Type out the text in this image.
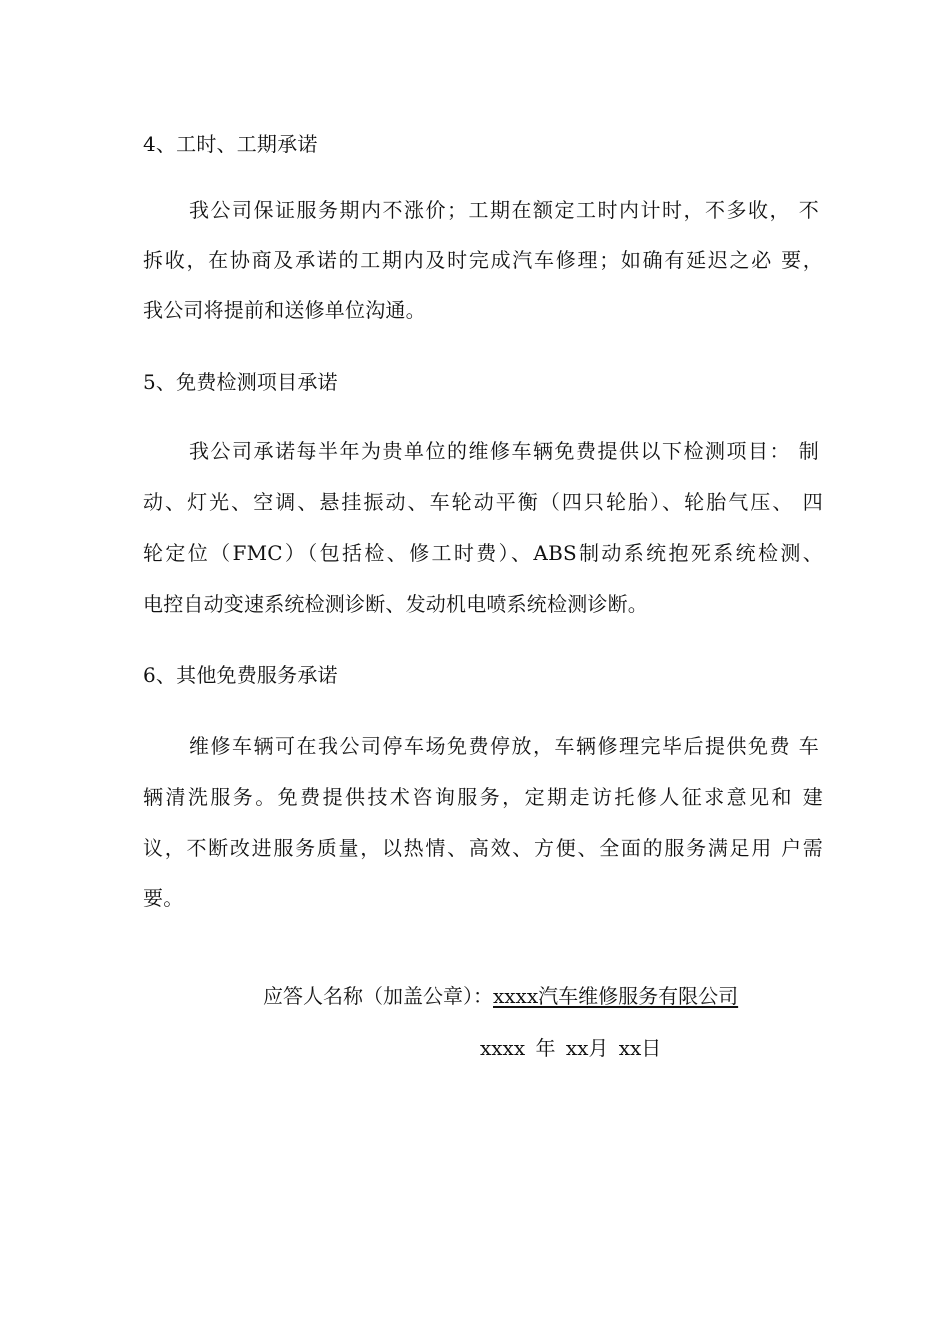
4、工时、工期承诺
我公司保证服务期内不涨价；工期在额定工时内计时，不多收， 不
拆收，在协商及承诺的工期内及时完成汽车修理；如确有延迟之必 要，
我公司将提前和送修单位沟通。
5、免费检测项目承诺
我公司承诺每半年为贵单位的维修车辆免费提供以下检测项目： 制
动、灯光、空调、悬挂振动、车轮动平衡（四只轮胎）、轮胎气压、 四
轮定位（FMC）（包括检、修工时费）、ABS制动系统抱死系统检测、
电控自动变速系统检测诊断、发动机电喷系统检测诊断。
6、其他免费服务承诺
维修车辆可在我公司停车场免费停放，车辆修理完毕后提供免费 车
辆清洗服务。免费提供技术咨询服务，定期走访托修人征求意见和 建
议，不断改进服务质量，以热情、高效、方便、全面的服务满足用 户需
要。
应答人名称（加盖公章）：xxxx汽车维修服务有限公司
xxxx 年 xx月 xx日
